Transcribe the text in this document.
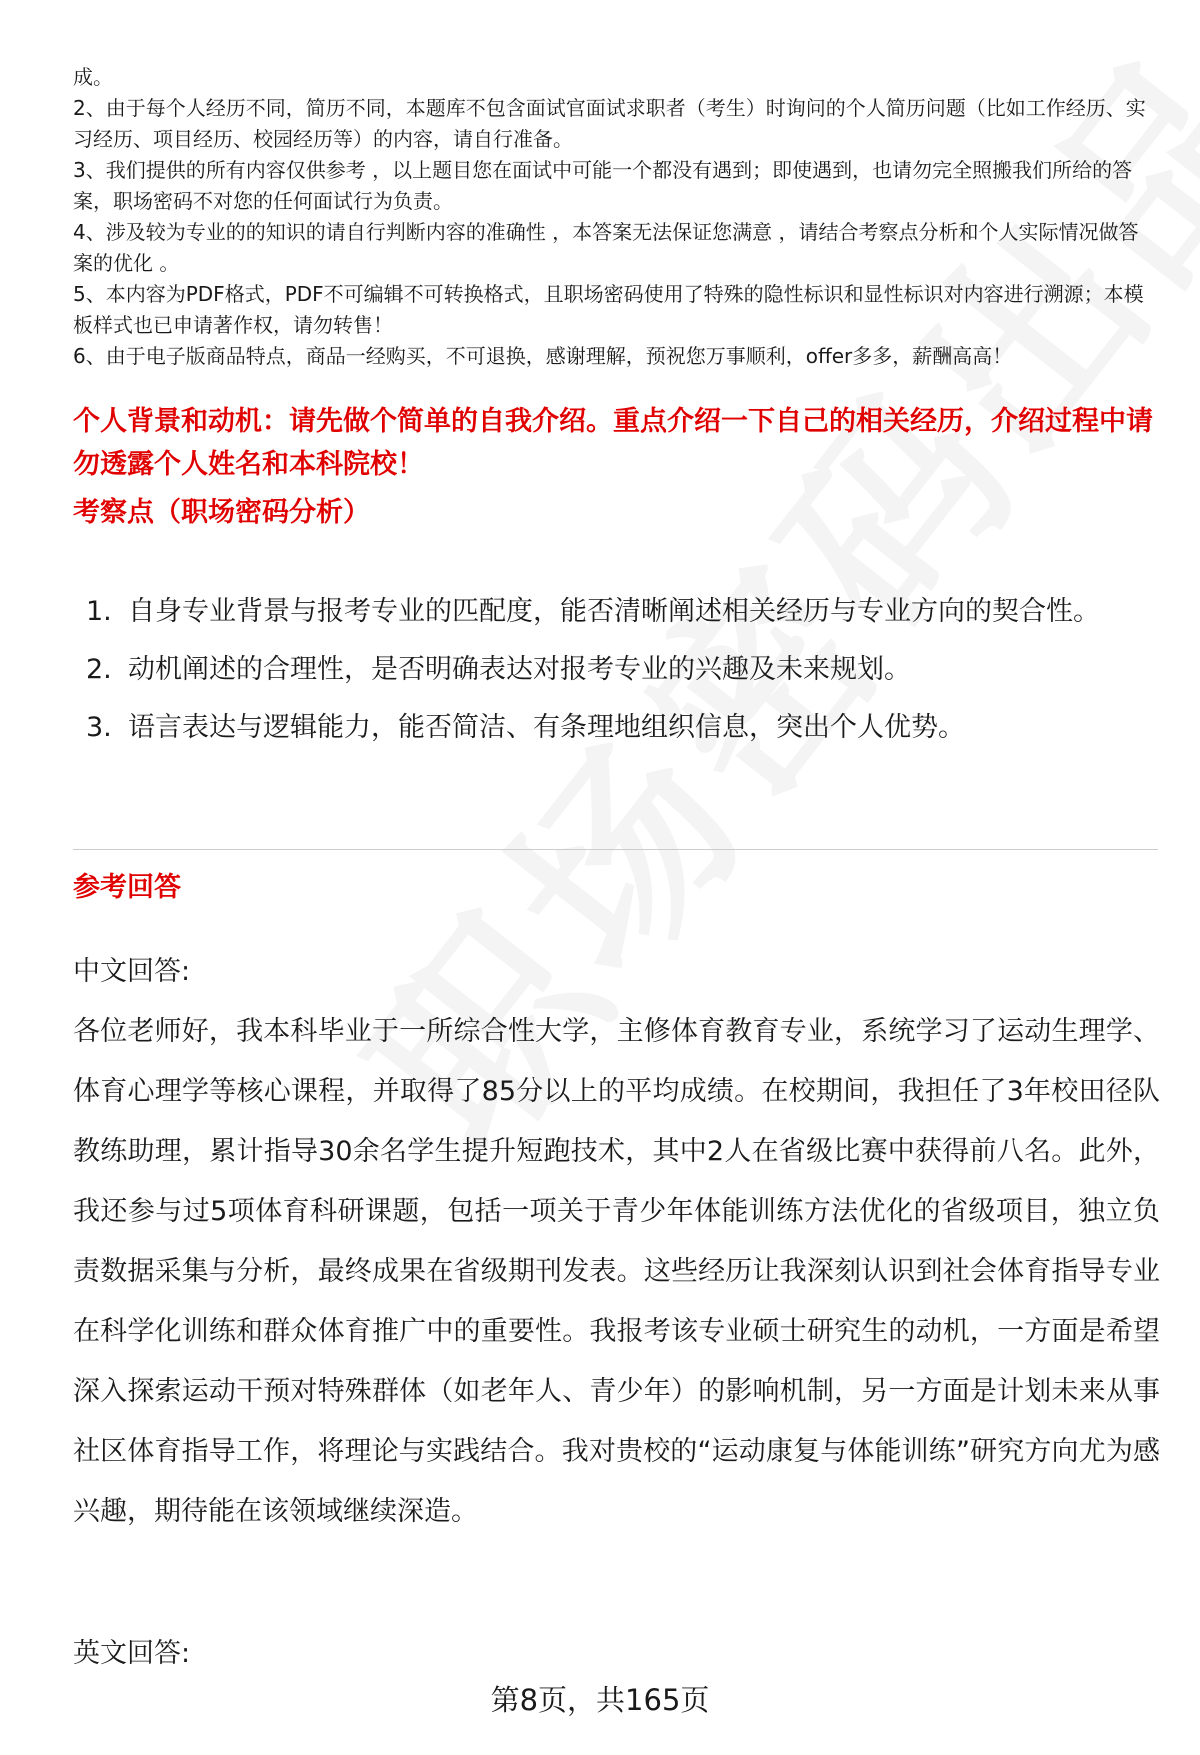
成。

2、由于每个人经历不同，简历不同，本题库不包含面试官面试求职者（考生）时询问的个人简历问题（比如工作经历、实习经历、项目经历、校园经历等）的内容，请自行准备。

3、我们提供的所有内容仅供参考 ，以上题目您在面试中可能一个都没有遇到；即使遇到，也请勿完全照搬我们所给的答案，职场密码不对您的任何面试行为负责。

4、涉及较为专业的的知识的请自行判断内容的准确性 ，本答案无法保证您满意 ，请结合考察点分析和个人实际情况做答案的优化 。

5、本内容为PDF格式，PDF不可编辑不可转换格式，且职场密码使用了特殊的隐性标识和显性标识对内容进行溯源；本模板样式也已申请著作权，请勿转售！

6、由于电子版商品特点，商品一经购买，不可退换，感谢理解，预祝您万事顺利，offer多多，薪酬高高！

个人背景和动机：请先做个简单的自我介绍。重点介绍一下自己的相关经历，介绍过程中请勿透露个人姓名和本科院校！
考察点（职场密码分析）
1. 自身专业背景与报考专业的匹配度，能否清晰阐述相关经历与专业方向的契合性。
2. 动机阐述的合理性，是否明确表达对报考专业的兴趣及未来规划。
3. 语言表达与逻辑能力，能否简洁、有条理地组织信息，突出个人优势。
参考回答

中文回答:

各位老师好，我本科毕业于一所综合性大学，主修体育教育专业，系统学习了运动生理学、体育心理学等核心课程，并取得了85分以上的平均成绩。在校期间，我担任了3年校田径队教练助理，累计指导30余名学生提升短跑技术，其中2人在省级比赛中获得前八名。此外，我还参与过5项体育科研课题，包括一项关于青少年体能训练方法优化的省级项目，独立负责数据采集与分析，最终成果在省级期刊发表。这些经历让我深刻认识到社会体育指导专业在科学化训练和群众体育推广中的重要性。我报考该专业硕士研究生的动机，一方面是希望深入探索运动干预对特殊群体（如老年人、青少年）的影响机制，另一方面是计划未来从事社区体育指导工作，将理论与实践结合。我对贵校的“运动康复与体能训练”研究方向尤为感兴趣，期待能在该领域继续深造。

英文回答:

第8页，共165页
